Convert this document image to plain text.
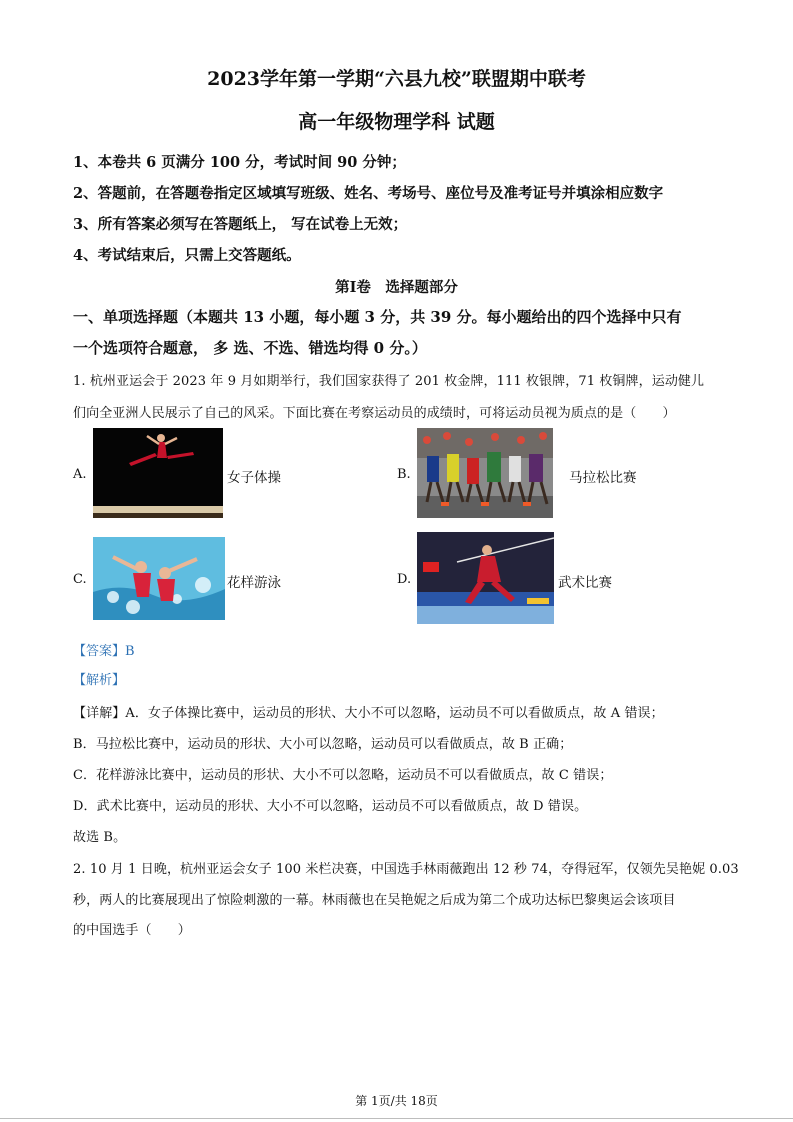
2023学年第一学期“六县九校”联盟期中联考
高一年级物理学科 试题
1、本卷共 6 页满分 100 分，考试时间 90 分钟；
2、答题前，在答题卷指定区域填写班级、姓名、考场号、座位号及准考证号并填涂相应数字
3、所有答案必须写在答题纸上， 写在试卷上无效；
4、考试结束后，只需上交答题纸。
第Ⅰ卷　选择题部分
一、单项选择题（本题共 13 小题，每小题 3 分，共 39 分。每小题给出的四个选择中只有
一个选项符合题意， 多 选、不选、错选均得 0 分。）
1. 杭州亚运会于 2023 年 9 月如期举行，我们国家获得了 201 枚金牌，111 枚银牌，71 枚铜牌，运动健儿
们向全亚洲人民展示了自己的风采。下面比赛在考察运动员的成绩时，可将运动员视为质点的是（　　）
A.	女子体操	B.	马拉松比赛
C.	花样游泳	D.	武术比赛
【答案】B
【解析】
【详解】A．女子体操比赛中，运动员的形状、大小不可以忽略，运动员不可以看做质点，故 A 错误；
B．马拉松比赛中，运动员的形状、大小可以忽略，运动员可以看做质点，故 B 正确；
C．花样游泳比赛中，运动员的形状、大小不可以忽略，运动员不可以看做质点，故 C 错误；
D．武术比赛中，运动员的形状、大小不可以忽略，运动员不可以看做质点，故 D 错误。
故选 B。
2. 10 月 1 日晚，杭州亚运会女子 100 米栏决赛，中国选手林雨薇跑出 12 秒 74，夺得冠军，仅领先吴艳妮 0.03
秒，两人的比赛展现出了惊险刺激的一幕。林雨薇也在吴艳妮之后成为第二个成功达标巴黎奥运会该项目
的中国选手（　　）
第 1页/共 18页
